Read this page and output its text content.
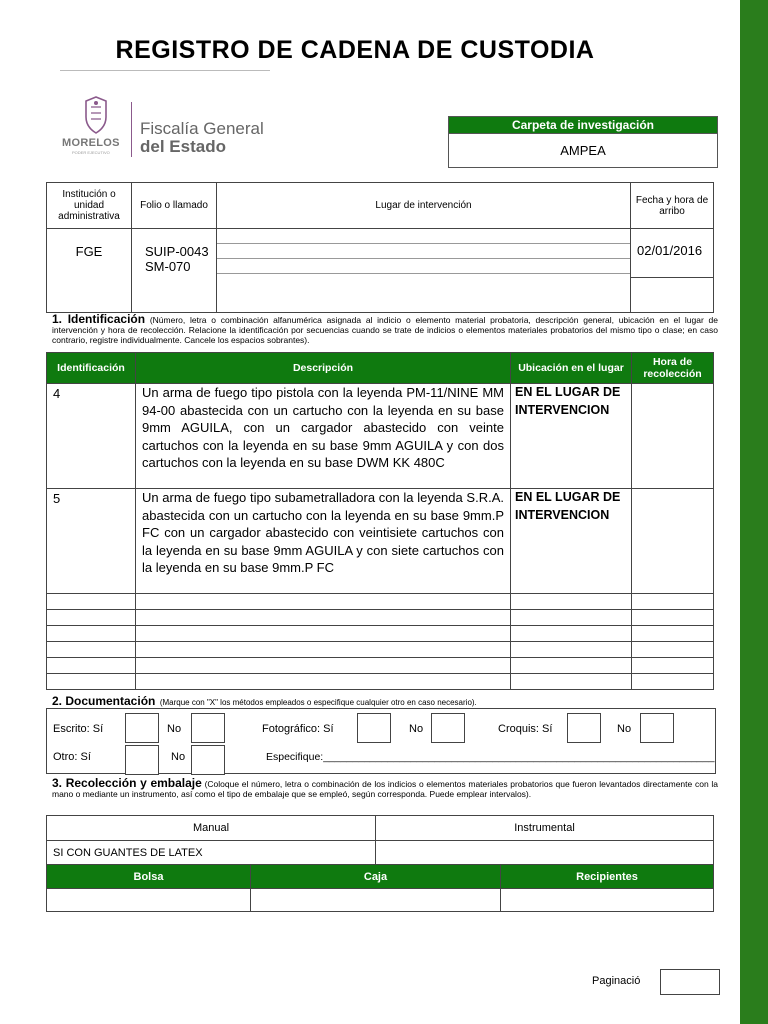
REGISTRO DE CADENA DE CUSTODIA
MORELOS
PODER EJECUTIVO
Fiscalía General
del Estado
Carpeta de investigación
AMPEA
Institución o unidad administrativa	Folio o llamado	Lugar de intervención	Fecha y hora de arribo
FGE	SUIP-0043 SM-070		02/01/2016
1. Identificación (Número, letra o combinación alfanumérica asignada al indicio o elemento material probatoria, descripción general, ubicación en el lugar de intervención y hora de recolección. Relacione la identificación por secuencias cuando se trate de indicios o elementos materiales probatorios del mismo tipo o clase; en caso contrario, registre individualmente. Cancele los espacios sobrantes).
Identificación	Descripción	Ubicación en el lugar	Hora de recolección
4	Un arma de fuego tipo pistola con la leyenda PM-11/NINE MM 94-00 abastecida con un cartucho con la leyenda en su base 9mm AGUILA, con un cargador abastecido con veinte cartuchos con la leyenda en su base 9mm AGUILA y con dos cartuchos con la leyenda en su base DWM KK 480C	EN EL LUGAR DE INTERVENCION	
5	Un arma de fuego tipo subametralladora con la leyenda S.R.A. abastecida con un cartucho con la leyenda en su base 9mm.P FC con un cargador abastecido con veintisiete cartuchos con la leyenda en su base 9mm AGUILA y con siete cartuchos con la leyenda en su base 9mm.P FC	EN EL LUGAR DE INTERVENCION	

2. Documentación (Marque con "X" los métodos empleados o especifique cualquier otro en caso necesario).
Escrito: Sí	No	Fotográfico: Sí	No	Croquis: Sí	No
Otro: Sí	No	Especifique:___________________________________________________________________
3. Recolección y embalaje (Coloque el número, letra o combinación de los indicios o elementos materiales probatorios que fueron levantados directamente con la mano o mediante un instrumento, así como el tipo de embalaje que se empleó, según corresponda. Puede emplear intervalos).
Manual	Instrumental
SI CON GUANTES DE LATEX	
Bolsa	Caja	Recipientes

Paginació
